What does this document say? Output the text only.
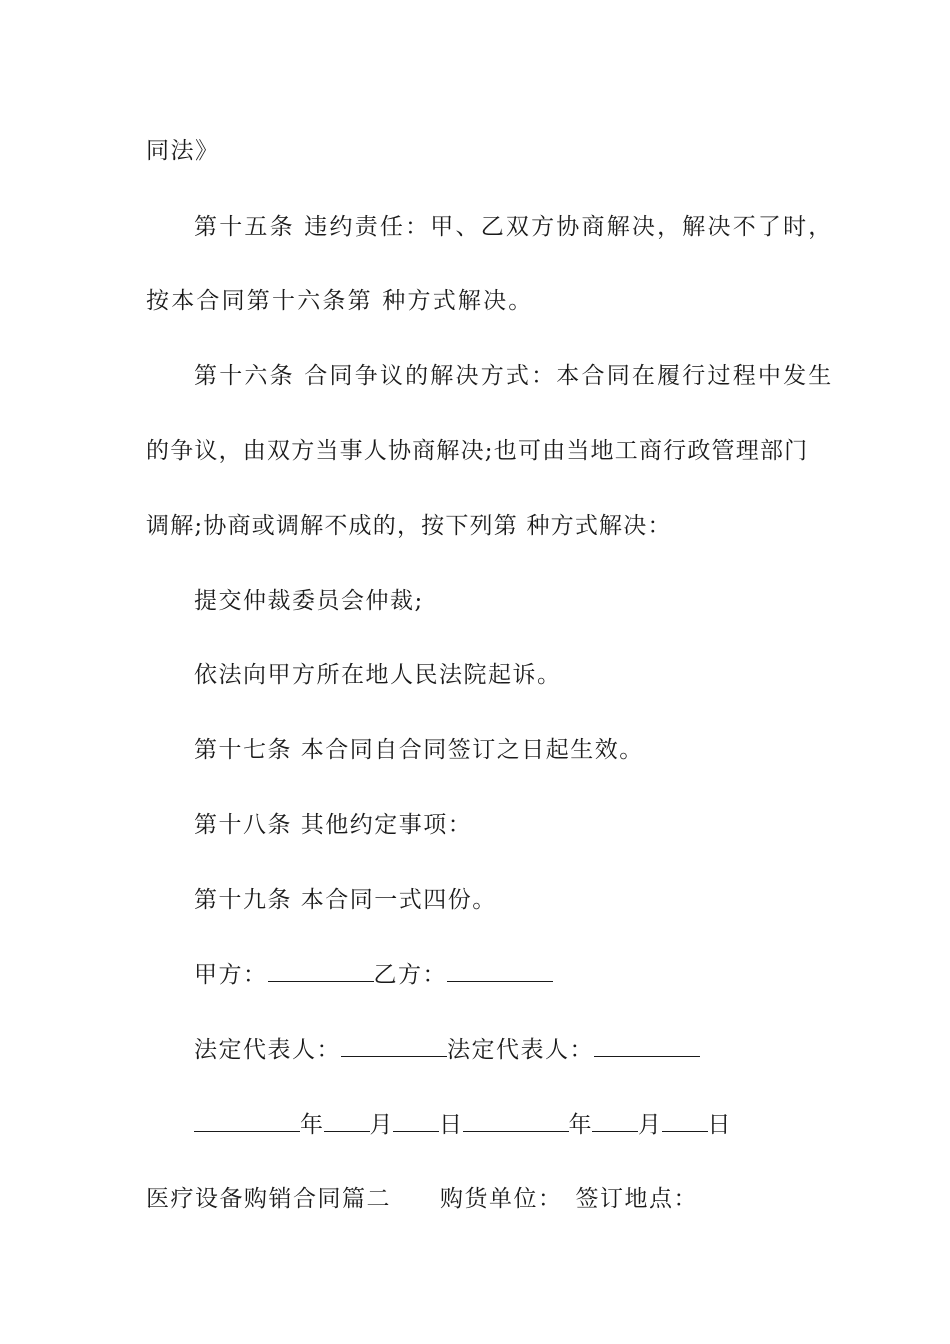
同法》
第十五条 违约责任：甲、乙双方协商解决，解决不了时，
按本合同第十六条第 种方式解决。
第十六条 合同争议的解决方式：本合同在履行过程中发生
的争议，由双方当事人协商解决;也可由当地工商行政管理部门
调解;协商或调解不成的，按下列第 种方式解决：
提交仲裁委员会仲裁;
依法向甲方所在地人民法院起诉。
第十七条 本合同自合同签订之日起生效。
第十八条 其他约定事项：
第十九条 本合同一式四份。
甲方：	乙方：
法定代表人：	法定代表人：
年 月 日	年 月 日
医疗设备购销合同篇二　　购货单位：　签订地点：
